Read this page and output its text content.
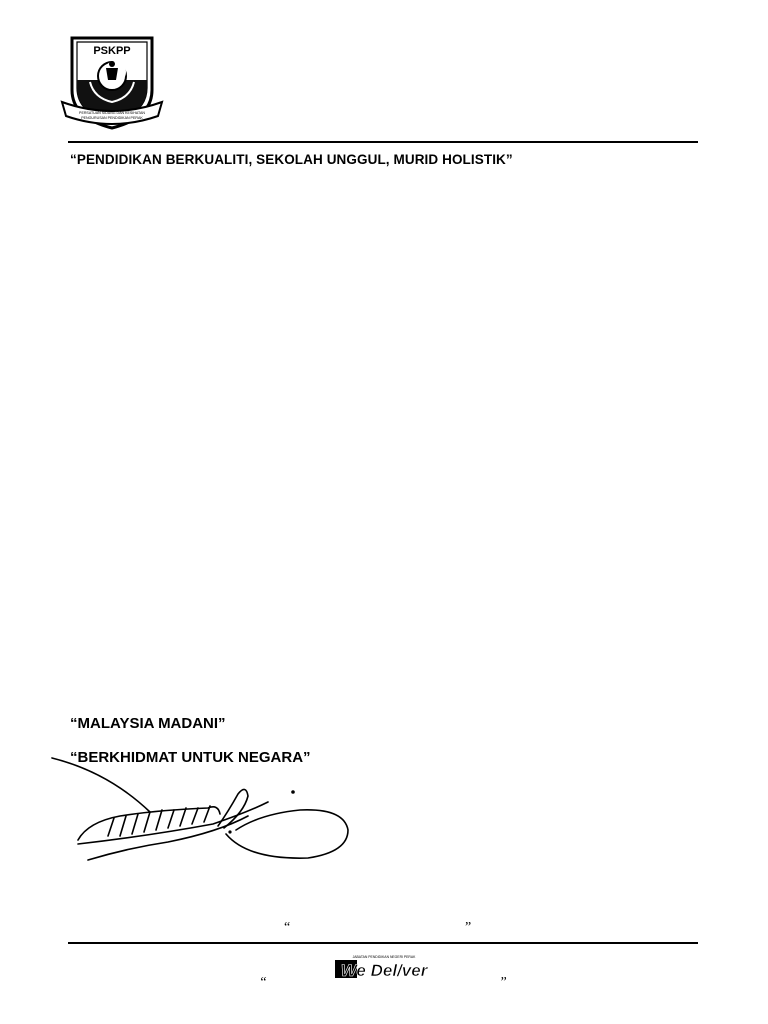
PSKPP
PERSATUAN SIDANG DAN KESIHATAN
PENGURUSAN PENDIDIKAN PERAK
“PENDIDIKAN BERKUALITI, SEKOLAH UNGGUL, MURID HOLISTIK”
“MALAYSIA MADANI”
“BERKHIDMAT UNTUK NEGARA”
“	”
JABATAN PENDIDIKAN NEGERI PERAK
We Del/ver
“	”
